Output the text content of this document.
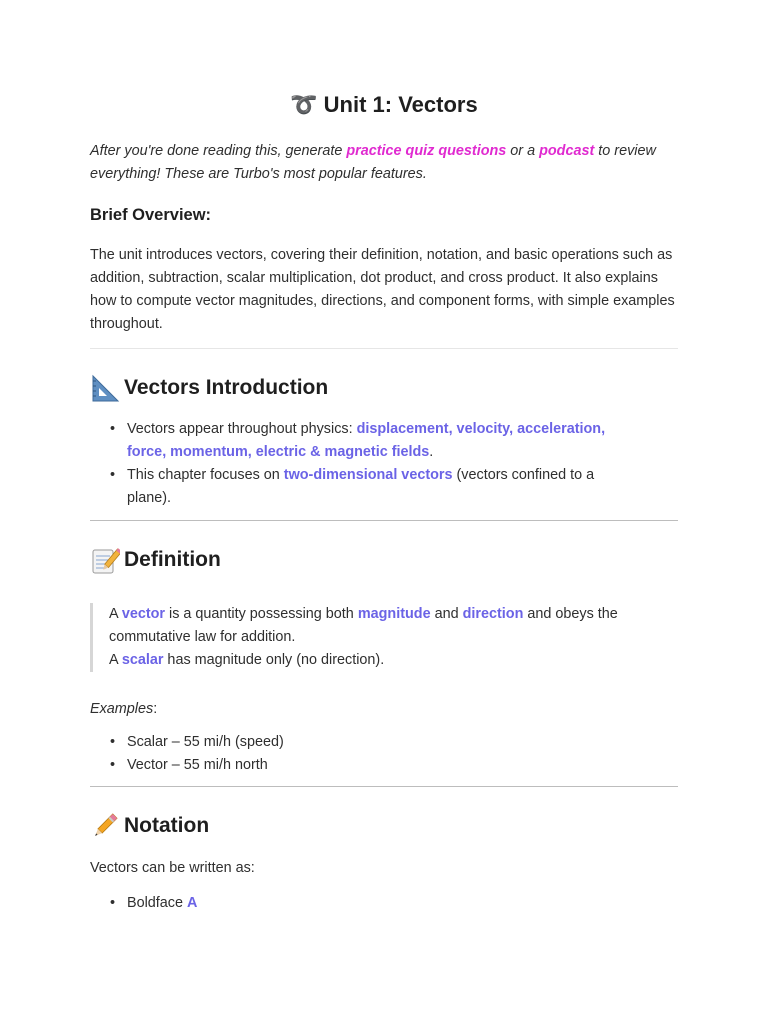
➰ Unit 1: Vectors
After you're done reading this, generate practice quiz questions or a podcast to review everything! These are Turbo's most popular features.
Brief Overview:
The unit introduces vectors, covering their definition, notation, and basic operations such as addition, subtraction, scalar multiplication, dot product, and cross product. It also explains how to compute vector magnitudes, directions, and component forms, with simple examples throughout.
Vectors Introduction
• Vectors appear throughout physics: displacement, velocity, acceleration, force, momentum, electric & magnetic fields.
• This chapter focuses on two-dimensional vectors (vectors confined to a plane).
Definition
A vector is a quantity possessing both magnitude and direction and obeys the commutative law for addition.
A scalar has magnitude only (no direction).
Examples:
• Scalar – 55 mi/h (speed)
• Vector – 55 mi/h north
Notation
Vectors can be written as:
• Boldface A
